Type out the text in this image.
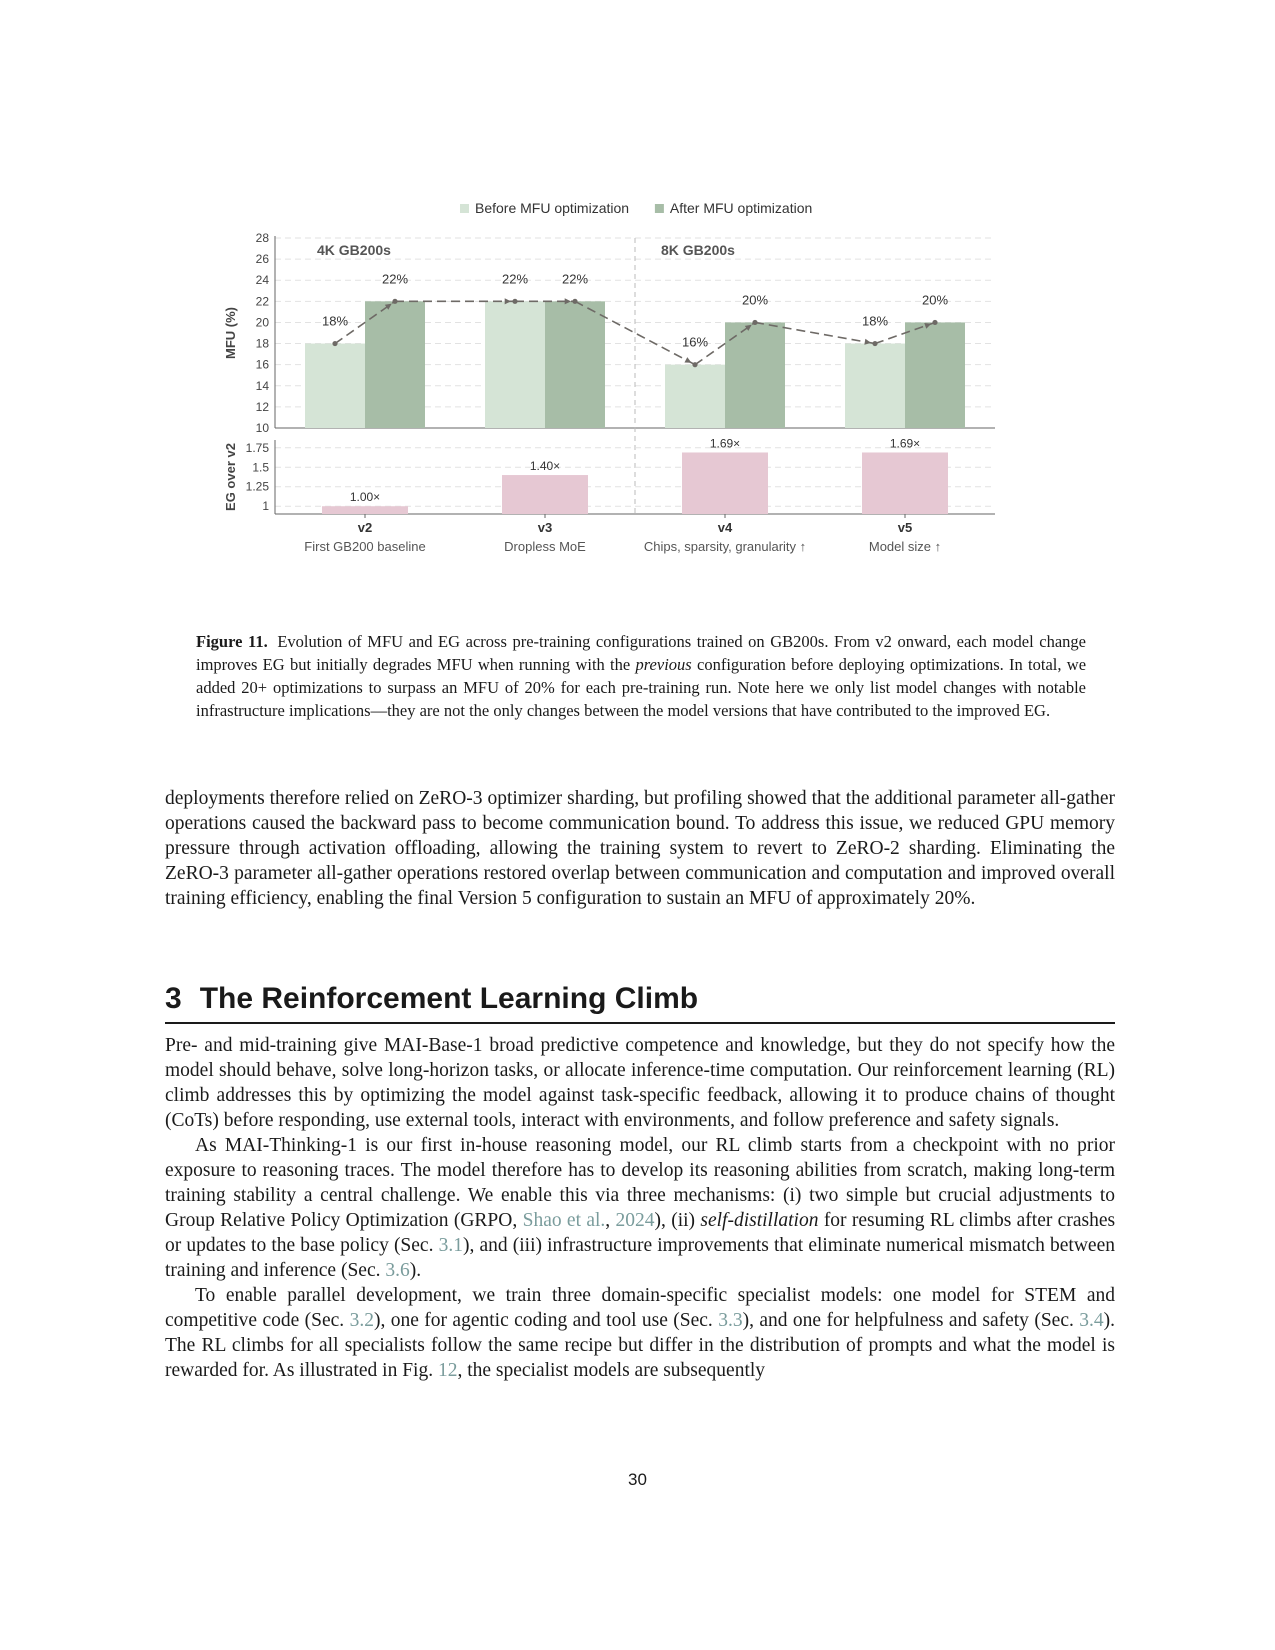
Before MFU optimization	After MFU optimization
10
12
14
16
18
20
22
24
26
28
MFU (%)
4K GB200s	8K GB200s
18%
22%	22%	22%
16%
20%
18%
20%
1
1.25
1.5
1.75
EG over v2	1.00×
v2
First GB200 baseline
1.40×
v3
Dropless MoE
1.69×
v4
Chips, sparsity, granularity ↑
1.69×
v5
Model size ↑
Figure 11. Evolution of MFU and EG across pre-training configurations trained on GB200s. From v2 onward, each model change improves EG but initially degrades MFU when running with the previous configuration before deploying optimizations. In total, we added 20+ optimizations to surpass an MFU of 20% for each pre-training run. Note here we only list model changes with notable infrastructure implications—they are not the only changes between the model versions that have contributed to the improved EG.

deployments therefore relied on ZeRO-3 optimizer sharding, but profiling showed that the additional parameter all-gather operations caused the backward pass to become communication bound. To address this issue, we reduced GPU memory pressure through activation offloading, allowing the training system to revert to ZeRO-2 sharding. Eliminating the ZeRO-3 parameter all-gather operations restored overlap between communication and computation and improved overall training efficiency, enabling the final Version 5 configuration to sustain an MFU of approximately 20%.

3 The Reinforcement Learning Climb

Pre- and mid-training give MAI-Base-1 broad predictive competence and knowledge, but they do not specify how the model should behave, solve long-horizon tasks, or allocate inference-time computation. Our reinforcement learning (RL) climb addresses this by optimizing the model against task-specific feedback, allowing it to produce chains of thought (CoTs) before responding, use external tools, interact with environments, and follow preference and safety signals.

As MAI-Thinking-1 is our first in-house reasoning model, our RL climb starts from a checkpoint with no prior exposure to reasoning traces. The model therefore has to develop its reasoning abilities from scratch, making long-term training stability a central challenge. We enable this via three mechanisms: (i) two simple but crucial adjustments to Group Relative Policy Optimization (GRPO, Shao et al., 2024), (ii) self-distillation for resuming RL climbs after crashes or updates to the base policy (Sec. 3.1), and (iii) infrastructure improvements that eliminate numerical mismatch between training and inference (Sec. 3.6).

To enable parallel development, we train three domain-specific specialist models: one model for STEM and competitive code (Sec. 3.2), one for agentic coding and tool use (Sec. 3.3), and one for helpfulness and safety (Sec. 3.4). The RL climbs for all specialists follow the same recipe but differ in the distribution of prompts and what the model is rewarded for. As illustrated in Fig. 12, the specialist models are subsequently

30
